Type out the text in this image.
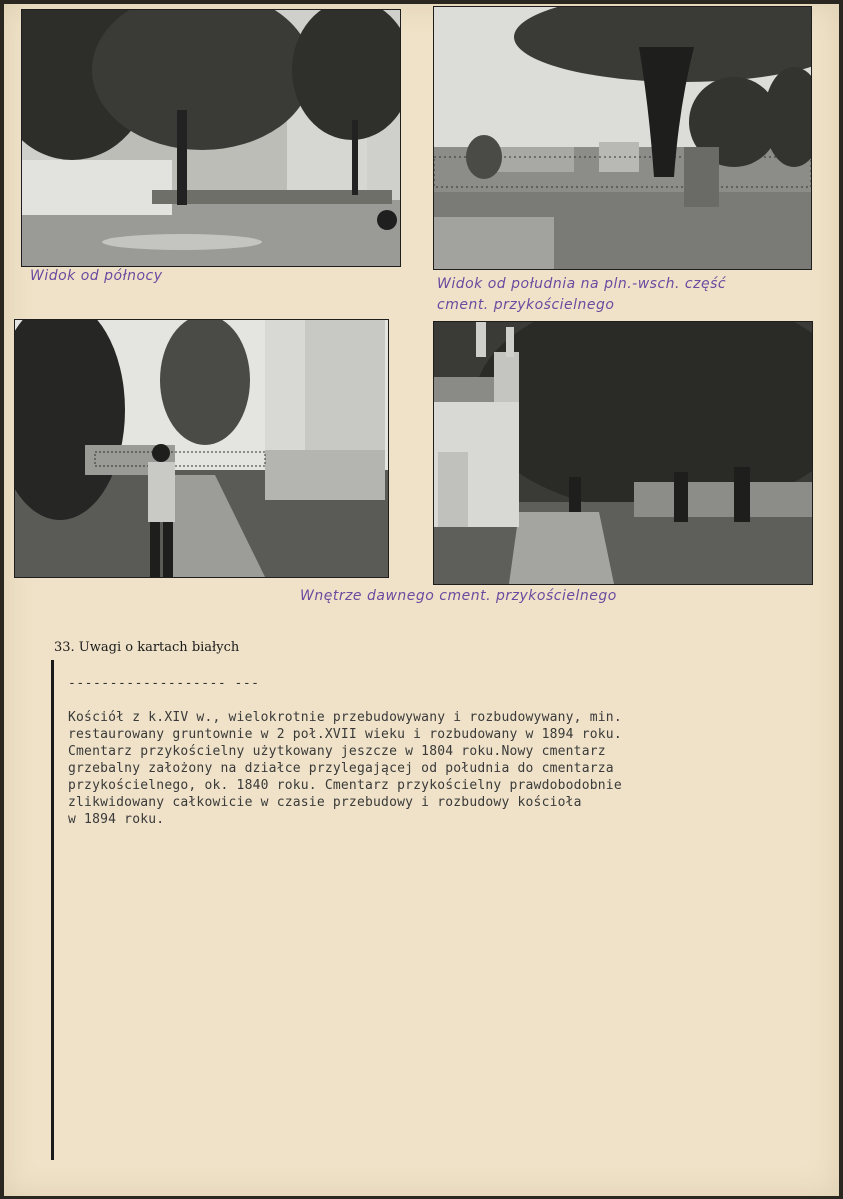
Widok od północy	Widok od południa na pln.-wsch. część
cment. przykościelnego
Wnętrze dawnego cment. przykościelnego
33. Uwagi o kartach białych
------------------- ---
Kościół z k.XIV w., wielokrotnie przebudowywany i rozbudowywany, min.
restaurowany gruntownie w 2 poł.XVII wieku i rozbudowany w 1894 roku.
Cmentarz przykościelny użytkowany jeszcze w 1804 roku.Nowy cmentarz
grzebalny założony na działce przylegającej od południa do cmentarza
przykościelnego, ok. 1840 roku. Cmentarz przykościelny prawdobodobnie
zlikwidowany całkowicie w czasie przebudowy i rozbudowy kościoła
w 1894 roku.
